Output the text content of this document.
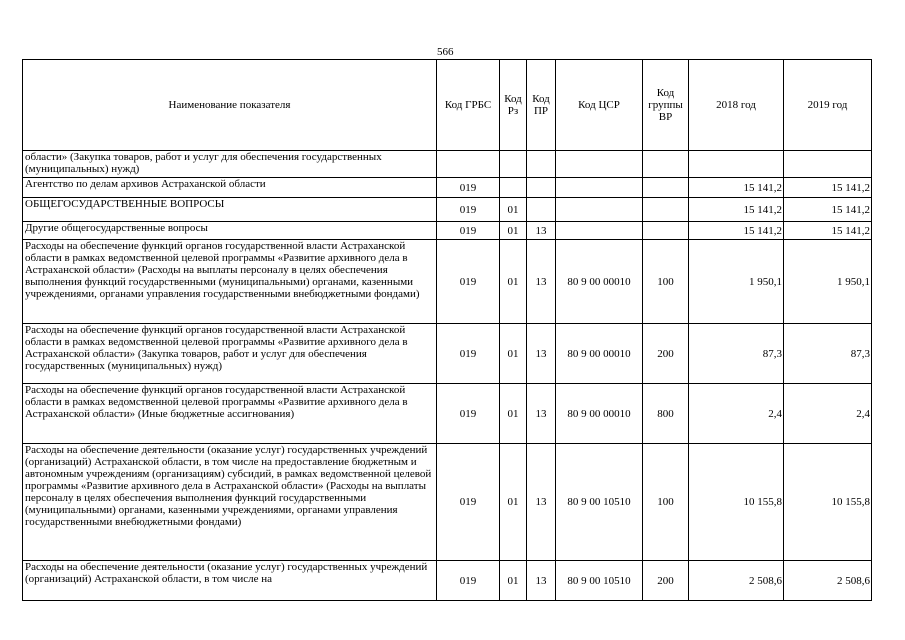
566
Наименование показателя	Код ГРБС	Код Рз	Код ПР	Код ЦСР	Код группы ВР	2018 год	2019 год
области» (Закупка товаров, работ и услуг для обеспечения государственных (муниципальных) нужд)							
Агентство по делам архивов Астраханской области	019					15 141,2	15 141,2
ОБЩЕГОСУДАРСТВЕННЫЕ ВОПРОСЫ	019	01				15 141,2	15 141,2
Другие общегосударственные вопросы	019	01	13			15 141,2	15 141,2
Расходы на обеспечение функций органов государственной власти Астраханской области в рамках ведомственной целевой программы «Развитие архивного дела в Астраханской области» (Расходы на выплаты персоналу в целях обеспечения выполнения функций государственными (муниципальными) органами, казенными учреждениями, органами управления государственными внебюджетными фондами)	019	01	13	80 9 00 00010	100	1 950,1	1 950,1
Расходы на обеспечение функций органов государственной власти Астраханской области в рамках ведомственной целевой программы «Развитие архивного дела в Астраханской области» (Закупка товаров, работ и услуг для обеспечения государственных (муниципальных) нужд)	019	01	13	80 9 00 00010	200	87,3	87,3
Расходы на обеспечение функций органов государственной власти Астраханской области в рамках ведомственной целевой программы «Развитие архивного дела в Астраханской области» (Иные бюджетные ассигнования)	019	01	13	80 9 00 00010	800	2,4	2,4
Расходы на обеспечение деятельности (оказание услуг) государственных учреждений (организаций) Астраханской области, в том числе на предоставление бюджетным и автономным учреждениям (организациям) субсидий, в рамках ведомственной целевой программы «Развитие архивного дела в Астраханской области» (Расходы на выплаты персоналу в целях обеспечения выполнения функций государственными (муниципальными) органами, казенными учреждениями, органами управления государственными внебюджетными фондами)	019	01	13	80 9 00 10510	100	10 155,8	10 155,8
Расходы на обеспечение деятельности (оказание услуг) государственных учреждений (организаций) Астраханской области, в том числе на	019	01	13	80 9 00 10510	200	2 508,6	2 508,6
